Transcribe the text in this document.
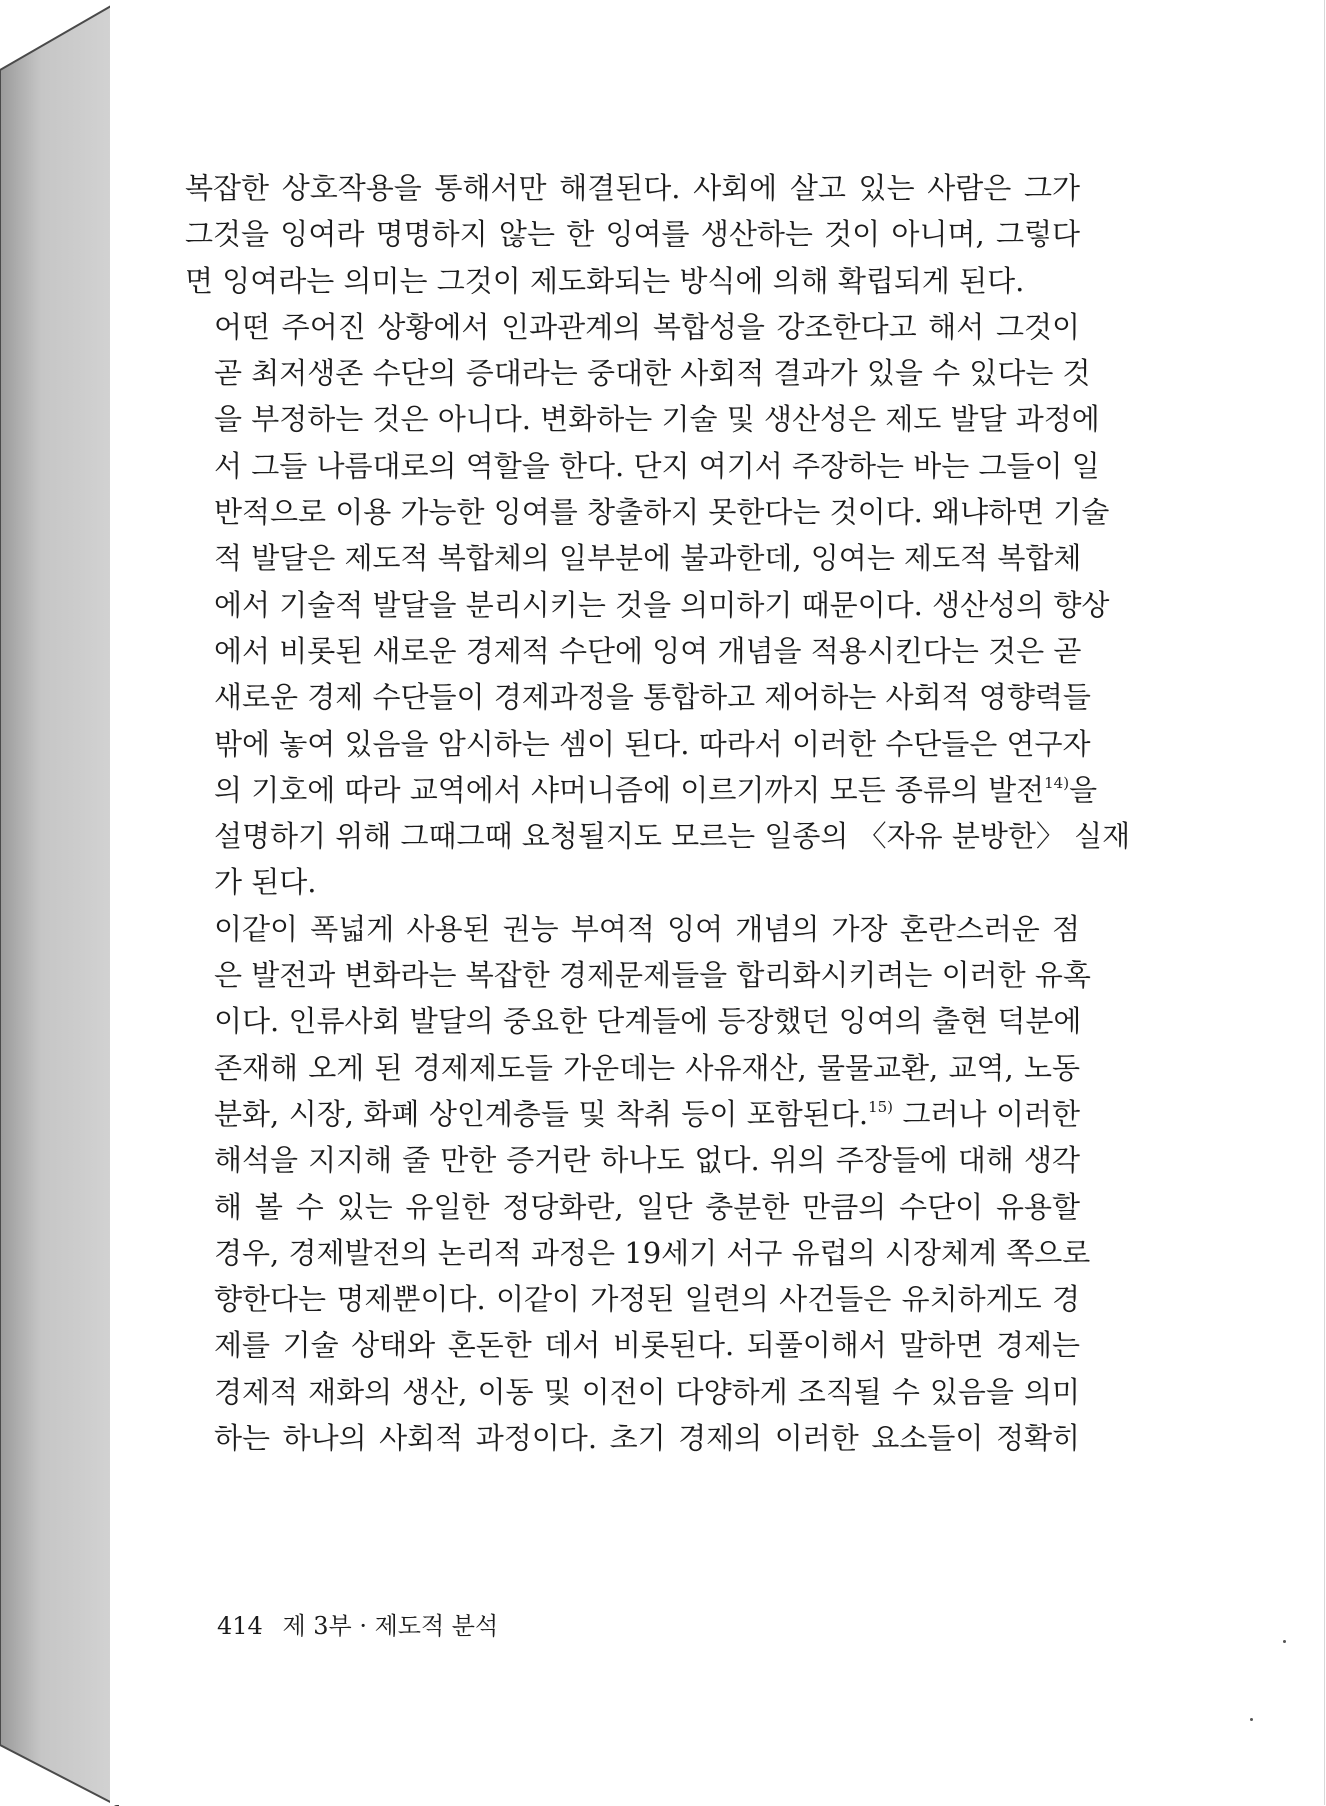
복잡한 상호작용을 통해서만 해결된다. 사회에 살고 있는 사람은 그가
그것을 잉여라 명명하지 않는 한 잉여를 생산하는 것이 아니며, 그렇다
면 잉여라는 의미는 그것이 제도화되는 방식에 의해 확립되게 된다.

어떤 주어진 상황에서 인과관계의 복합성을 강조한다고 해서 그것이
곧 최저생존 수단의 증대라는 중대한 사회적 결과가 있을 수 있다는 것
을 부정하는 것은 아니다. 변화하는 기술 및 생산성은 제도 발달 과정에
서 그들 나름대로의 역할을 한다. 단지 여기서 주장하는 바는 그들이 일
반적으로 이용 가능한 잉여를 창출하지 못한다는 것이다. 왜냐하면 기술
적 발달은 제도적 복합체의 일부분에 불과한데, 잉여는 제도적 복합체
에서 기술적 발달을 분리시키는 것을 의미하기 때문이다. 생산성의 향상
에서 비롯된 새로운 경제적 수단에 잉여 개념을 적용시킨다는 것은 곧
새로운 경제 수단들이 경제과정을 통합하고 제어하는 사회적 영향력들
밖에 놓여 있음을 암시하는 셈이 된다. 따라서 이러한 수단들은 연구자
의 기호에 따라 교역에서 샤머니즘에 이르기까지 모든 종류의 발전$^{14)}$을
설명하기 위해 그때그때 요청될지도 모르는 일종의 〈자유 분방한〉 실재
가 된다.

이같이 폭넓게 사용된 권능 부여적 잉여 개념의 가장 혼란스러운 점
은 발전과 변화라는 복잡한 경제문제들을 합리화시키려는 이러한 유혹
이다. 인류사회 발달의 중요한 단계들에 등장했던 잉여의 출현 덕분에
존재해 오게 된 경제제도들 가운데는 사유재산, 물물교환, 교역, 노동
분화, 시장, 화폐 상인계층들 및 착취 등이 포함된다.$^{15)}$ 그러나 이러한
해석을 지지해 줄 만한 증거란 하나도 없다. 위의 주장들에 대해 생각
해 볼 수 있는 유일한 정당화란, 일단 충분한 만큼의 수단이 유용할
경우, 경제발전의 논리적 과정은 19세기 서구 유럽의 시장체계 쪽으로
향한다는 명제뿐이다. 이같이 가정된 일련의 사건들은 유치하게도 경
제를 기술 상태와 혼돈한 데서 비롯된다. 되풀이해서 말하면 경제는
경제적 재화의 생산, 이동 및 이전이 다양하게 조직될 수 있음을 의미
하는 하나의 사회적 과정이다. 초기 경제의 이러한 요소들이 정확히

414 제 3부 · 제도적 분석
